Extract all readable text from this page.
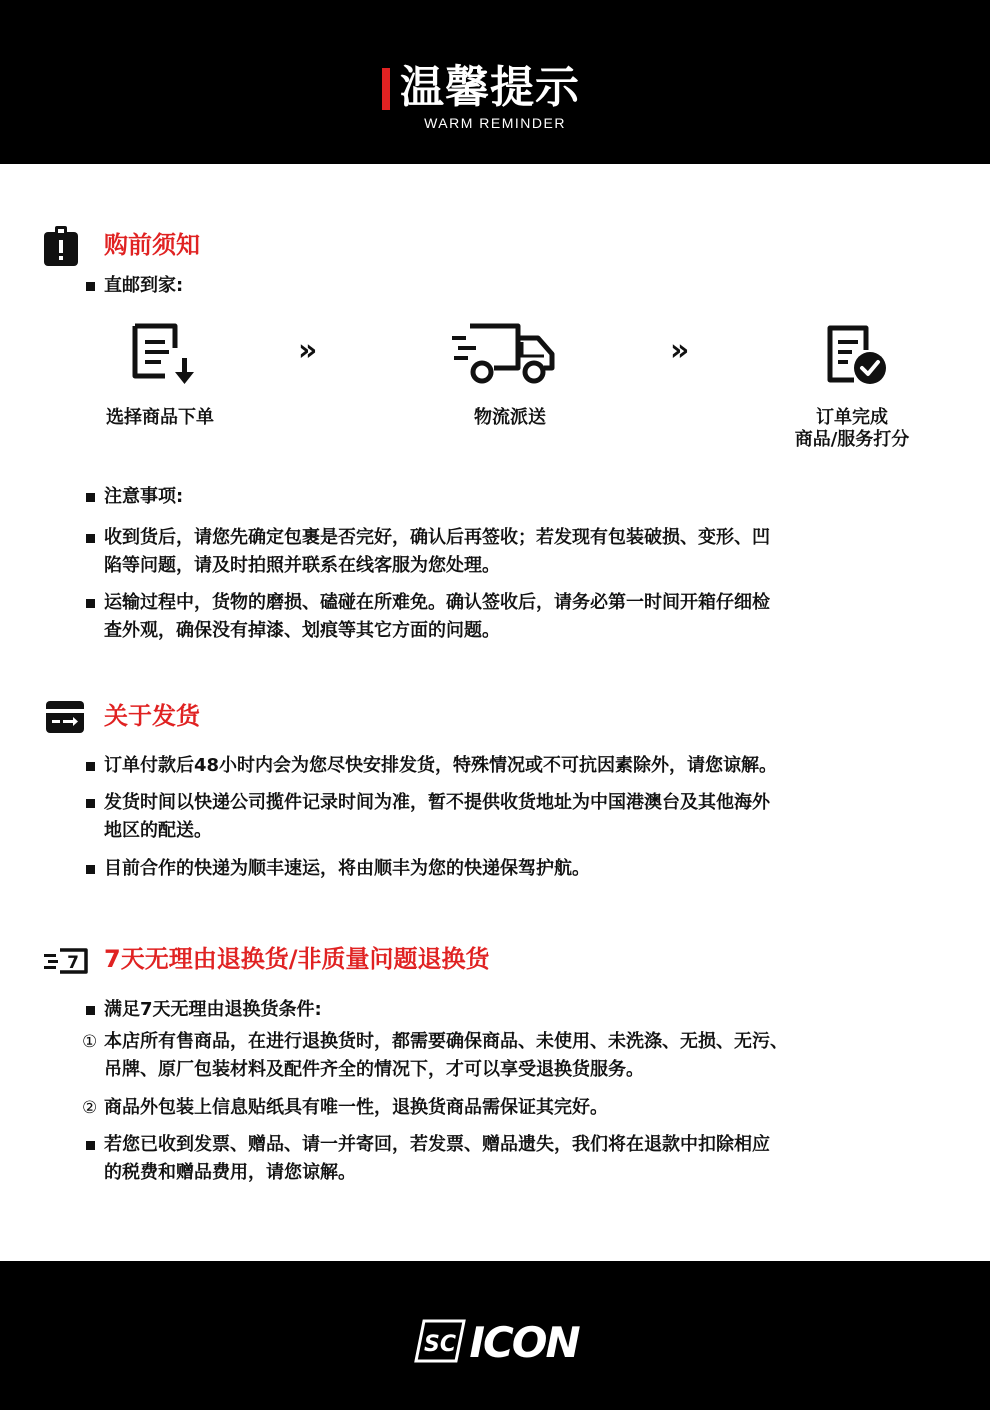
温馨提示
WARM REMINDER
购前须知
直邮到家:
选择商品下单
»
物流派送
»
订单完成
商品/服务打分
注意事项:
收到货后，请您先确定包裹是否完好，确认后再签收；若发现有包装破损、变形、凹
陷等问题，请及时拍照并联系在线客服为您处理。
运输过程中，货物的磨损、磕碰在所难免。确认签收后，请务必第一时间开箱仔细检
查外观，确保没有掉漆、划痕等其它方面的问题。
关于发货
订单付款后48小时内会为您尽快安排发货，特殊情况或不可抗因素除外，请您谅解。
发货时间以快递公司揽件记录时间为准，暂不提供收货地址为中国港澳台及其他海外
地区的配送。
目前合作的快递为顺丰速运，将由顺丰为您的快递保驾护航。
7 7天无理由退换货/非质量问题退换货
满足7天无理由退换货条件:
① 本店所有售商品，在进行退换货时，都需要确保商品、未使用、未洗涤、无损、无污、
吊牌、原厂包装材料及配件齐全的情况下，才可以享受退换货服务。
② 商品外包装上信息贴纸具有唯一性，退换货商品需保证其完好。
若您已收到发票、赠品、请一并寄回，若发票、赠品遗失，我们将在退款中扣除相应
的税费和赠品费用，请您谅解。
SC ICON
